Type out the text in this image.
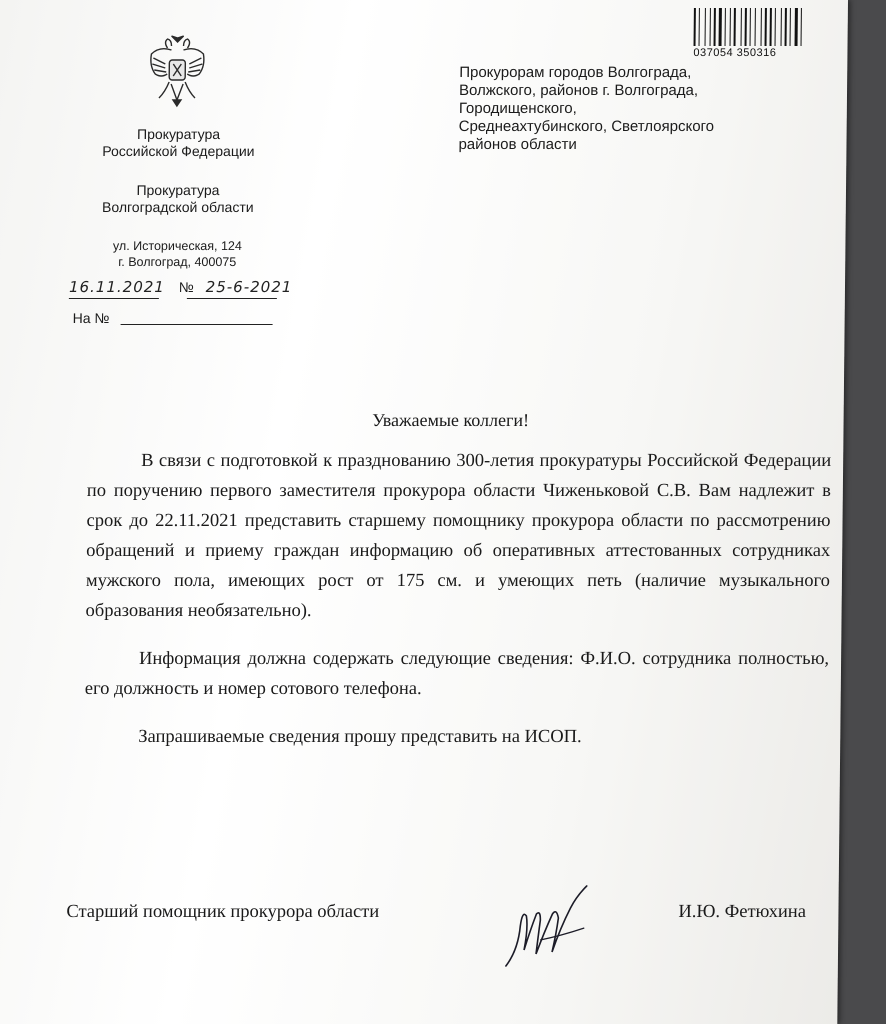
037054 350316
Прокуратура
Российской Федерации
Прокуратура
Волгоградской области
ул. Историческая, 124
г. Волгоград, 400075
16.11.2021 № 25-6-2021
На №
Прокурорам городов Волгограда,
Волжского, районов г. Волгограда,
Городищенского,
Среднеахтубинского, Светлоярского
районов области
Уважаемые коллеги!

В связи с подготовкой к празднованию 300-летия прокуратуры Российской Федерации по поручению первого заместителя прокурора области Чиженьковой С.В. Вам надлежит в срок до 22.11.2021 представить старшему помощнику прокурора области по рассмотрению обращений и приему граждан информацию об оперативных аттестованных сотрудниках мужского пола, имеющих рост от 175 см. и умеющих петь (наличие музыкального образования необязательно).

Информация должна содержать следующие сведения: Ф.И.О. сотрудника полностью, его должность и номер сотового телефона.

Запрашиваемые сведения прошу представить на ИСОП.

Старший помощник прокурора области	И.Ю. Фетюхина
